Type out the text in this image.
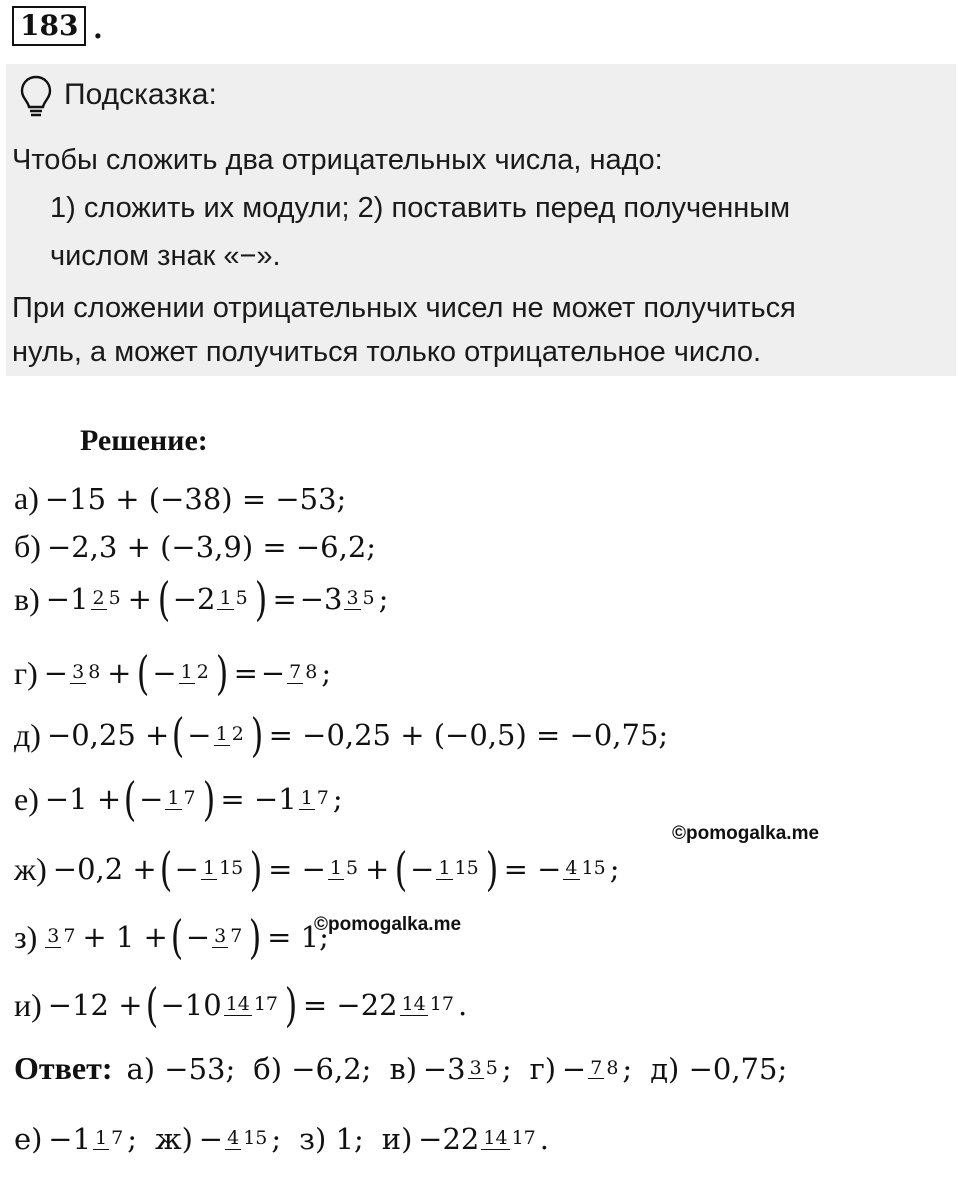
183 .
Подсказка:
Чтобы сложить два отрицательных числа, надо:
1) сложить их модули; 2) поставить перед полученным
числом знак «−».
При сложении отрицательных чисел не может получиться
нуль, а может получиться только отрицательное число.
Решение:
а) −15 + (−38) = −53;
б) −2,3 + (−3,9) = −6,2;
в) −1 2 5  +  ( −2 1 5 )  = −3 3 5 ;
г) − 3 8  +  ( − 1 2 )  = − 7 8 ;
д) −0,25 + ( − 1 2 )  = −0,25 + (−0,5) = −0,75;
е) −1 + ( − 1 7 )  = −1 1 7 ;
ж) −0,2 + ( − 1 15 )  = − 1 5  +  ( − 1 15 )  = − 4 15 ;
з) 3 7  + 1 + ( − 3 7 )  = 1;
и) −12 + ( −10 14 17 )  = −22 14 17 .
Ответ: а) −53; б) −6,2; в)  −3 3 5 ; г)  − 7 8 ; д) −0,75;
е)  −1 1 7 ; ж)  − 4 15 ; з) 1; и)  −22 14 17 .
©pomogalka.me
©pomogalka.me
